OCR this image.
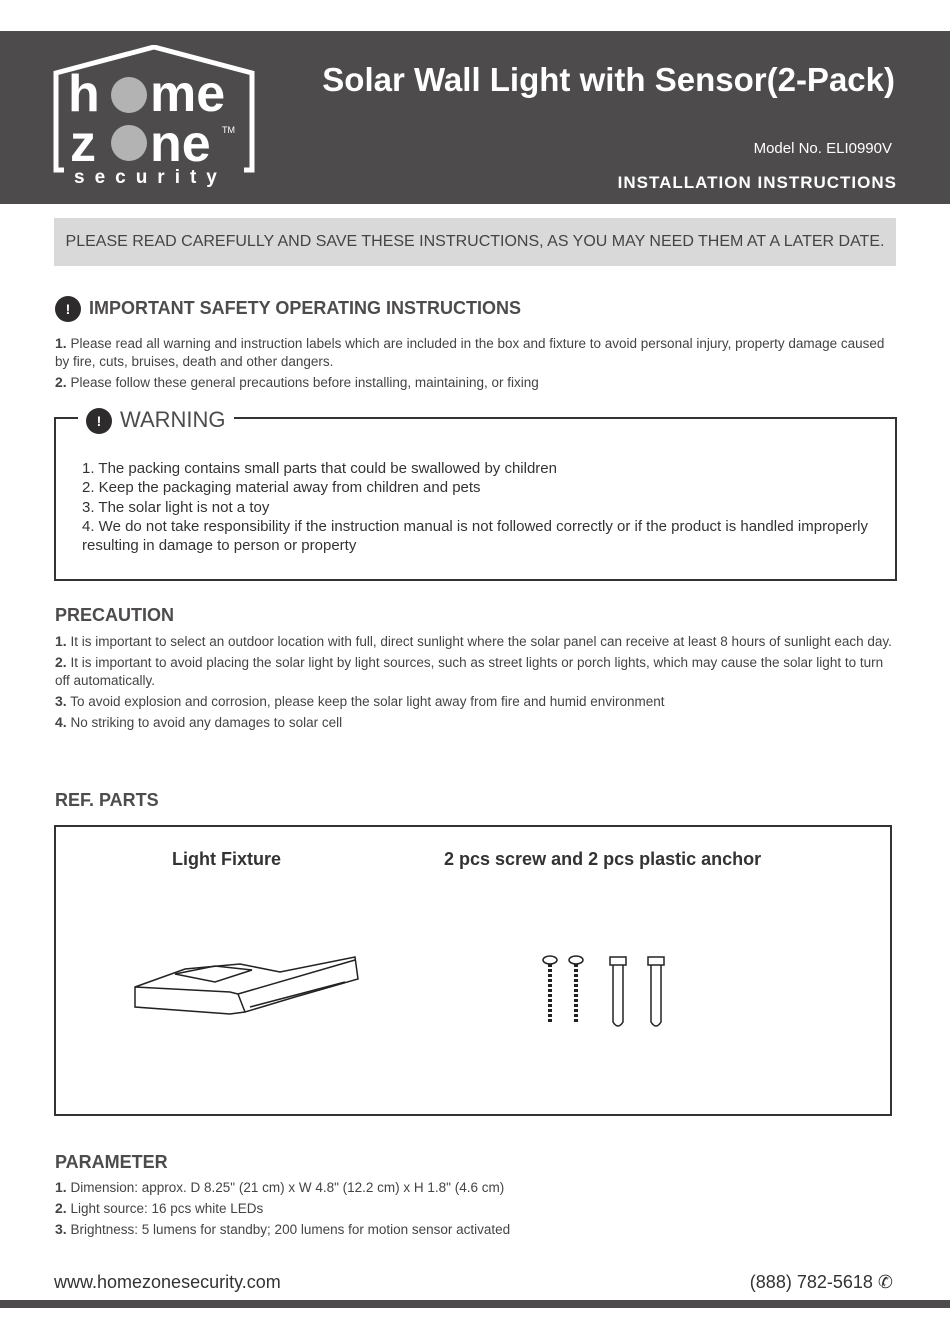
h me
z ne TM
security
Solar Wall Light with Sensor(2-Pack)
Model No. ELI0990V
INSTALLATION INSTRUCTIONS
PLEASE READ CAREFULLY AND SAVE THESE INSTRUCTIONS, AS YOU MAY NEED THEM AT A LATER DATE.
! IMPORTANT SAFETY OPERATING INSTRUCTIONS

1. Please read all warning and instruction labels which are included in the box and fixture to avoid personal injury, property damage caused by fire, cuts, bruises, death and other dangers.

2. Please follow these general precautions before installing, maintaining, or fixing

! WARNING
1. The packing contains small parts that could be swallowed by children
2. Keep the packaging material away from children and pets
3. The solar light is not a toy
4. We do not take responsibility if the instruction manual is not followed correctly or if the product is handled improperly resulting in damage to person or property
PRECAUTION

1. It is important to select an outdoor location with full, direct sunlight where the solar panel can receive at least 8 hours of sunlight each day.

2. It is important to avoid placing the solar light by light sources, such as street lights or porch lights, which may cause the solar light to turn off automatically.

3. To avoid explosion and corrosion, please keep the solar light away from fire and humid environment

4. No striking to avoid any damages to solar cell

REF. PARTS
Light Fixture	2 pcs screw and 2 pcs plastic anchor
PARAMETER

1. Dimension: approx. D 8.25" (21 cm) x W 4.8" (12.2 cm) x H 1.8" (4.6 cm)

2. Light source: 16 pcs white LEDs

3. Brightness: 5 lumens for standby; 200 lumens for motion sensor activated

www.homezonesecurity.com	(888) 782-5618 ✆
